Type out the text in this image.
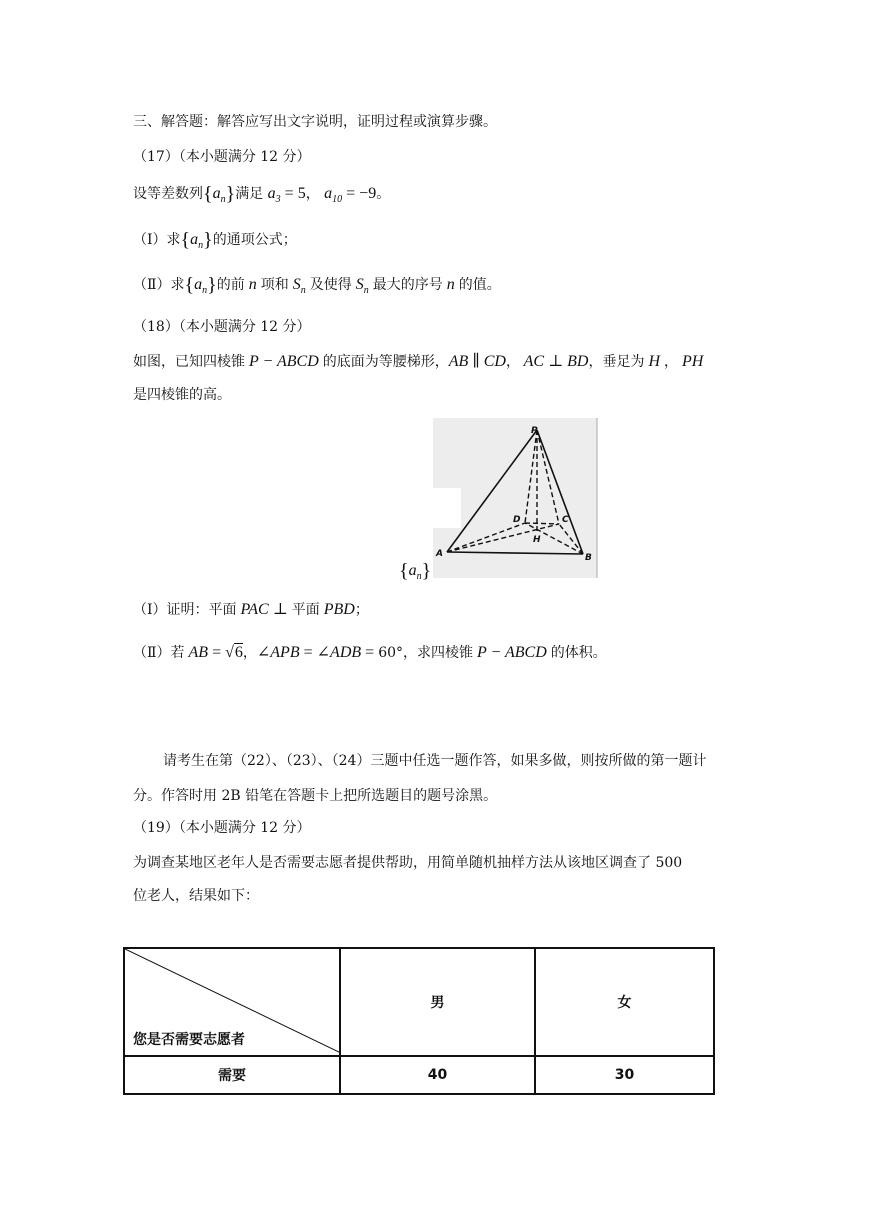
三、解答题：解答应写出文字说明，证明过程或演算步骤。
（17）（本小题满分 12 分）
设等差数列$\{a_n\}$满足 $a_3 = 5$， $a_{10} = -9$。
（Ⅰ）求$\{a_n\}$的通项公式；
（Ⅱ）求$\{a_n\}$的前 n 项和 $S_n$ 及使得 $S_n$ 最大的序号 n 的值。
（18）（本小题满分 12 分）
如图，已知四棱锥 P − ABCD 的底面为等腰梯形，AB ∥ CD， AC ⊥ BD，垂足为 H ， PH
是四棱锥的高。
P
A	B
C
D
H
$\{a_n\}$
（Ⅰ）证明：平面 PAC ⊥ 平面 PBD；
（Ⅱ）若 AB = √6，∠APB = ∠ADB = 60°，求四棱锥 P − ABCD 的体积。
请考生在第（22）、（23）、（24）三题中任选一题作答，如果多做，则按所做的第一题计
分。作答时用 2B 铅笔在答题卡上把所选题目的题号涂黑。
（19）（本小题满分 12 分）
为调查某地区老年人是否需要志愿者提供帮助，用简单随机抽样方法从该地区调查了 500
位老人，结果如下：
您是否需要志愿者	男	女
需要	40	30
